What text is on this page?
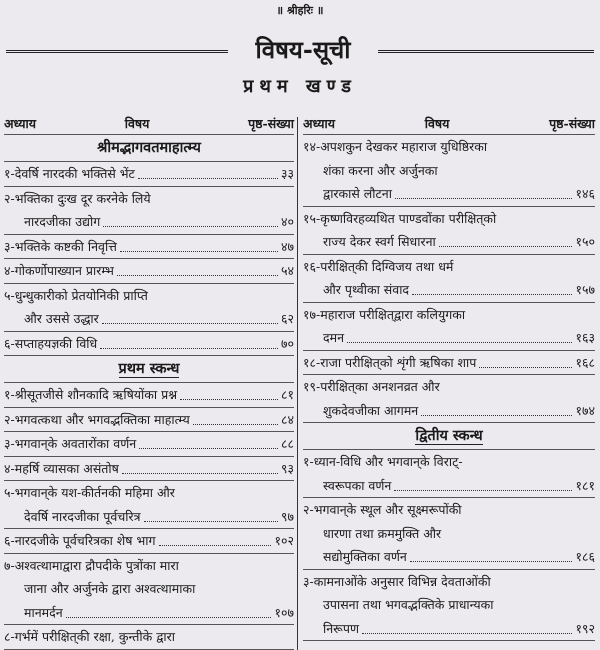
॥ श्रीहरिः ॥
विषय-सूची
प्रथम खण्ड
अध्याय	विषय	पृष्ठ-संख्या
श्रीमद्भागवतमाहात्म्य
१-देवर्षि नारदकी भक्तिसे भेंट	३३
२-भक्तिका दुःख दूर करनेके लिये
नारदजीका उद्योग	४०
३-भक्तिके कष्टकी निवृत्ति	४७
४-गोकर्णोपाख्यान प्रारम्भ	५४
५-धुन्धुकारीको प्रेतयोनिकी प्राप्ति
और उससे उद्धार	६२
६-सप्ताहयज्ञकी विधि	७०
प्रथम स्कन्ध
१-श्रीसूतजीसे शौनकादि ऋषियोंका प्रश्न	८१
२-भगवत्कथा और भगवद्भक्तिका माहात्म्य	८४
३-भगवान्‌के अवतारोंका वर्णन	८८
४-महर्षि व्यासका असंतोष	९३
५-भगवान्‌के यश-कीर्तनकी महिमा और
देवर्षि नारदजीका पूर्वचरित्र	९७
६-नारदजीके पूर्वचरित्रका शेष भाग	१०२
७-अश्वत्थामाद्वारा द्रौपदीके पुत्रोंका मारा
जाना और अर्जुनके द्वारा अश्वत्थामाका
मानमर्दन	१०७
८-गर्भमें परीक्षित्‌की रक्षा, कुन्तीके द्वारा
अध्याय	विषय	पृष्ठ-संख्या
१४-अपशकुन देखकर महाराज युधिष्ठिरका
शंका करना और अर्जुनका
द्वारकासे लौटना	१४६
१५-कृष्णविरहव्यथित पाण्डवोंका परीक्षित्‌को
राज्य देकर स्वर्ग सिधारना	१५०
१६-परीक्षित्‌की दिग्विजय तथा धर्म
और पृथ्वीका संवाद	१५७
१७-महाराज परीक्षित्‌द्वारा कलियुगका
दमन	१६३
१८-राजा परीक्षित्‌को शृंगी ऋषिका शाप	१६८
१९-परीक्षित्‌का अनशनव्रत और
शुकदेवजीका आगमन	१७४
द्वितीय स्कन्ध
१-ध्यान-विधि और भगवान्‌के विराट्-
स्वरूपका वर्णन	१८१
२-भगवान्‌के स्थूल और सूक्ष्मरूपोंकी
धारणा तथा क्रममुक्ति और
सद्योमुक्तिका वर्णन	१८६
३-कामनाओंके अनुसार विभिन्न देवताओंकी
उपासना तथा भगवद्भक्तिके प्राधान्यका
निरूपण	१९२
